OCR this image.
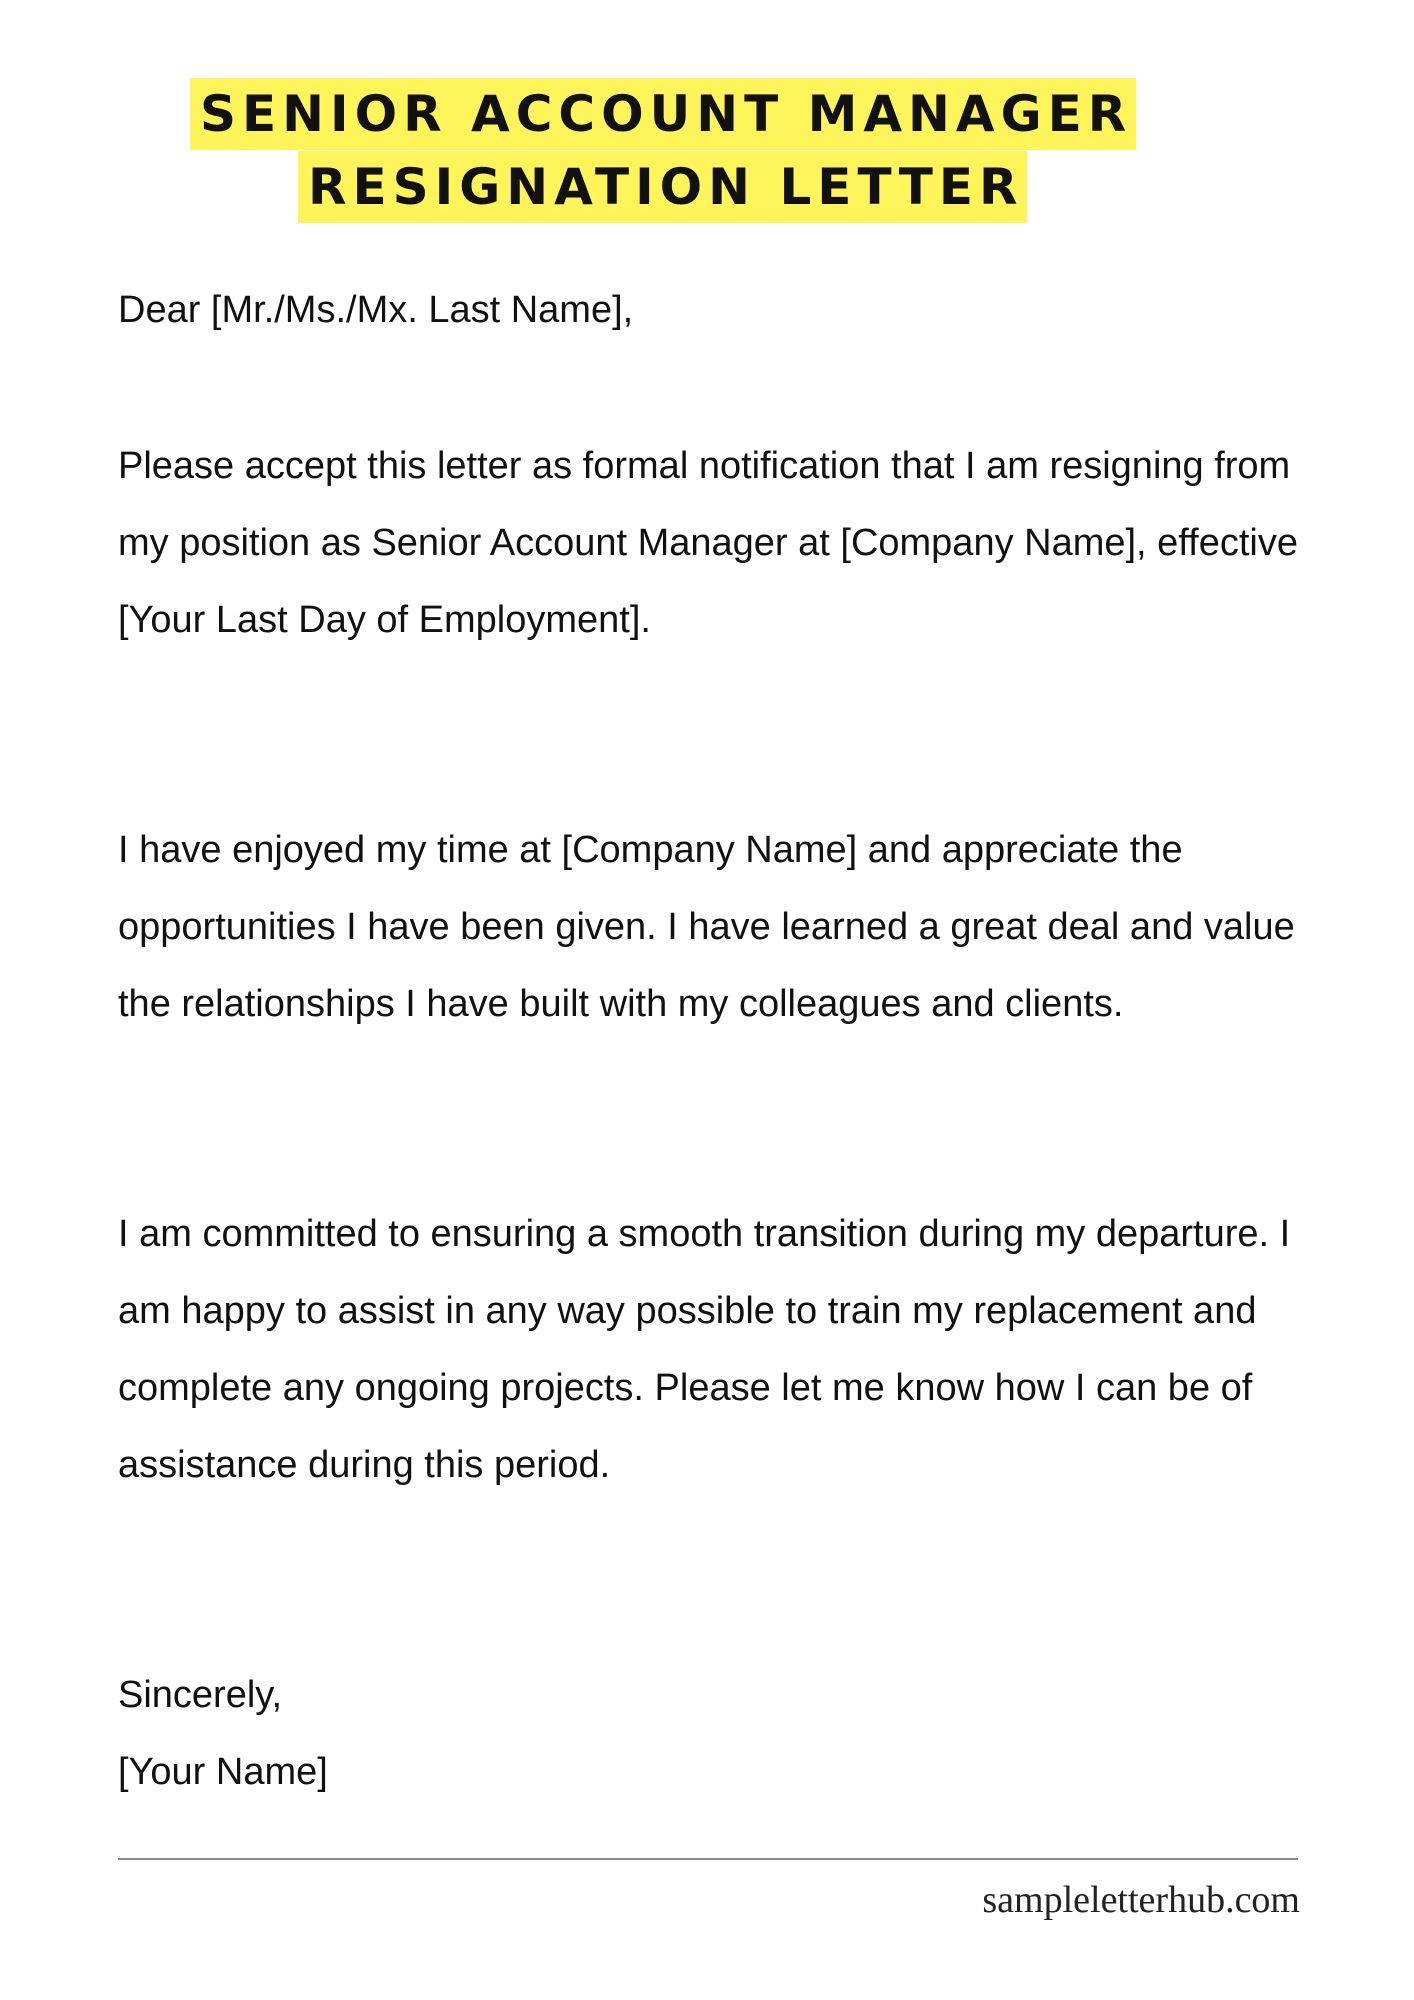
SENIOR ACCOUNT MANAGER
RESIGNATION LETTER
Dear [Mr./Ms./Mx. Last Name],
Please accept this letter as formal notification that I am resigning from my position as Senior Account Manager at [Company Name], effective [Your Last Day of Employment].
I have enjoyed my time at [Company Name] and appreciate the opportunities I have been given. I have learned a great deal and value the relationships I have built with my colleagues and clients.
I am committed to ensuring a smooth transition during my departure. I am happy to assist in any way possible to train my replacement and complete any ongoing projects. Please let me know how I can be of assistance during this period.
Sincerely,
[Your Name]
sampleletterhub.com
